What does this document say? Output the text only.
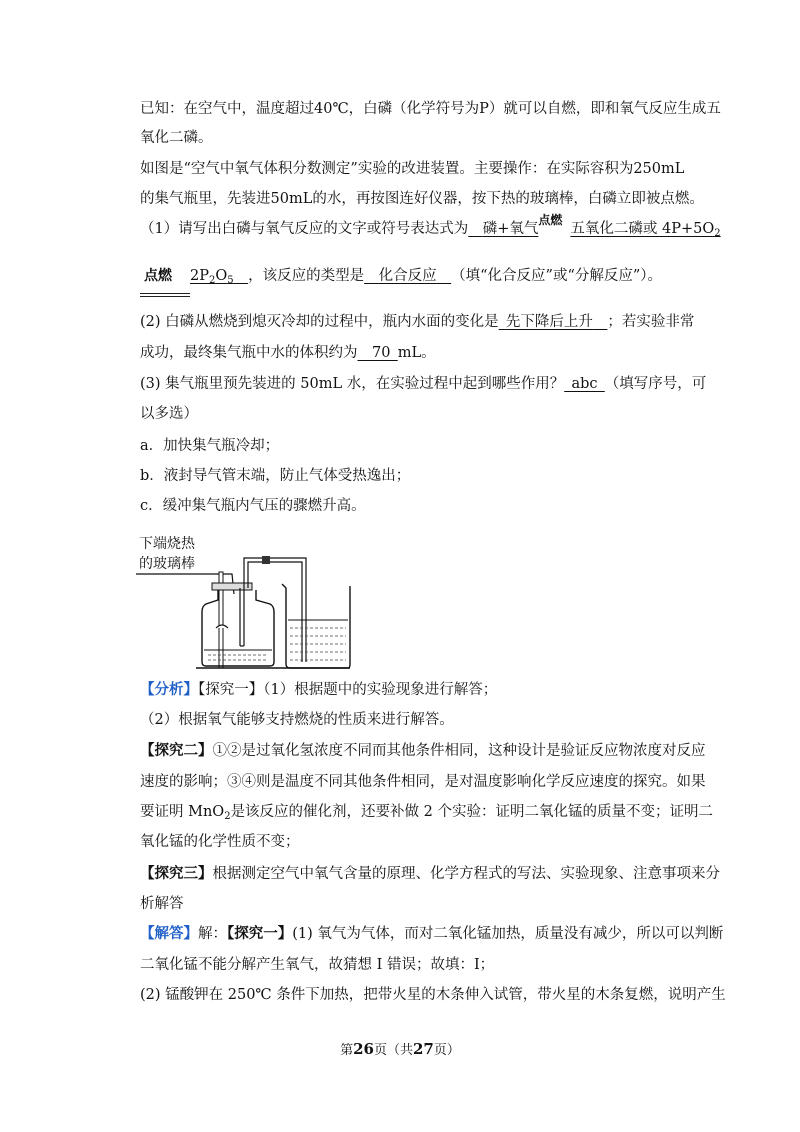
已知：在空气中，温度超过40℃，白磷（化学符号为P）就可以自燃，即和氧气反应生成五
氧化二磷。
如图是“空气中氧气体积分数测定”实验的改进装置。主要操作：在实际容积为250mL
的集气瓶里，先装进50mL的水，再按图连好仪器，按下热的玻璃棒，白磷立即被点燃。
（1）请写出白磷与氧气反应的文字或符号表达式为  磷+氧气
点燃
五氧化二磷或 $4P+5O_2$
点燃 $2P_2O_5$  ，该反应的类型是   化合反应  （填“化合反应”或“分解反应”）。
(2) 白磷从燃烧到熄灭冷却的过程中，瓶内水面的变化是  先下降后上升  ；若实验非常
成功，最终集气瓶中水的体积约为  70  mL。
(3) 集气瓶里预先装进的 50mL 水，在实验过程中起到哪些作用？  abc  （填写序号，可
以多选）
a．加快集气瓶冷却；
b．液封导气管末端，防止气体受热逸出；
c．缓冲集气瓶内气压的骤燃升高。
下端烧热
的玻璃棒
【分析】【探究一】（1）根据题中的实验现象进行解答；
（2）根据氧气能够支持燃烧的性质来进行解答。
【探究二】①②是过氧化氢浓度不同而其他条件相同，这种设计是验证反应物浓度对反应
速度的影响；③④则是温度不同其他条件相同，是对温度影响化学反应速度的探究。如果
要证明 MnO$_2$是该反应的催化剂，还要补做 2 个实验：证明二氧化锰的质量不变；证明二
氧化锰的化学性质不变；
【探究三】根据测定空气中氧气含量的原理、化学方程式的写法、实验现象、注意事项来分
析解答
【解答】解：【探究一】(1) 氧气为气体，而对二氧化锰加热，质量没有减少，所以可以判断
二氧化锰不能分解产生氧气，故猜想 Ⅰ 错误；故填：Ⅰ；
(2) 锰酸钾在 250℃ 条件下加热，把带火星的木条伸入试管，带火星的木条复燃，说明产生
第26页（共27页）
